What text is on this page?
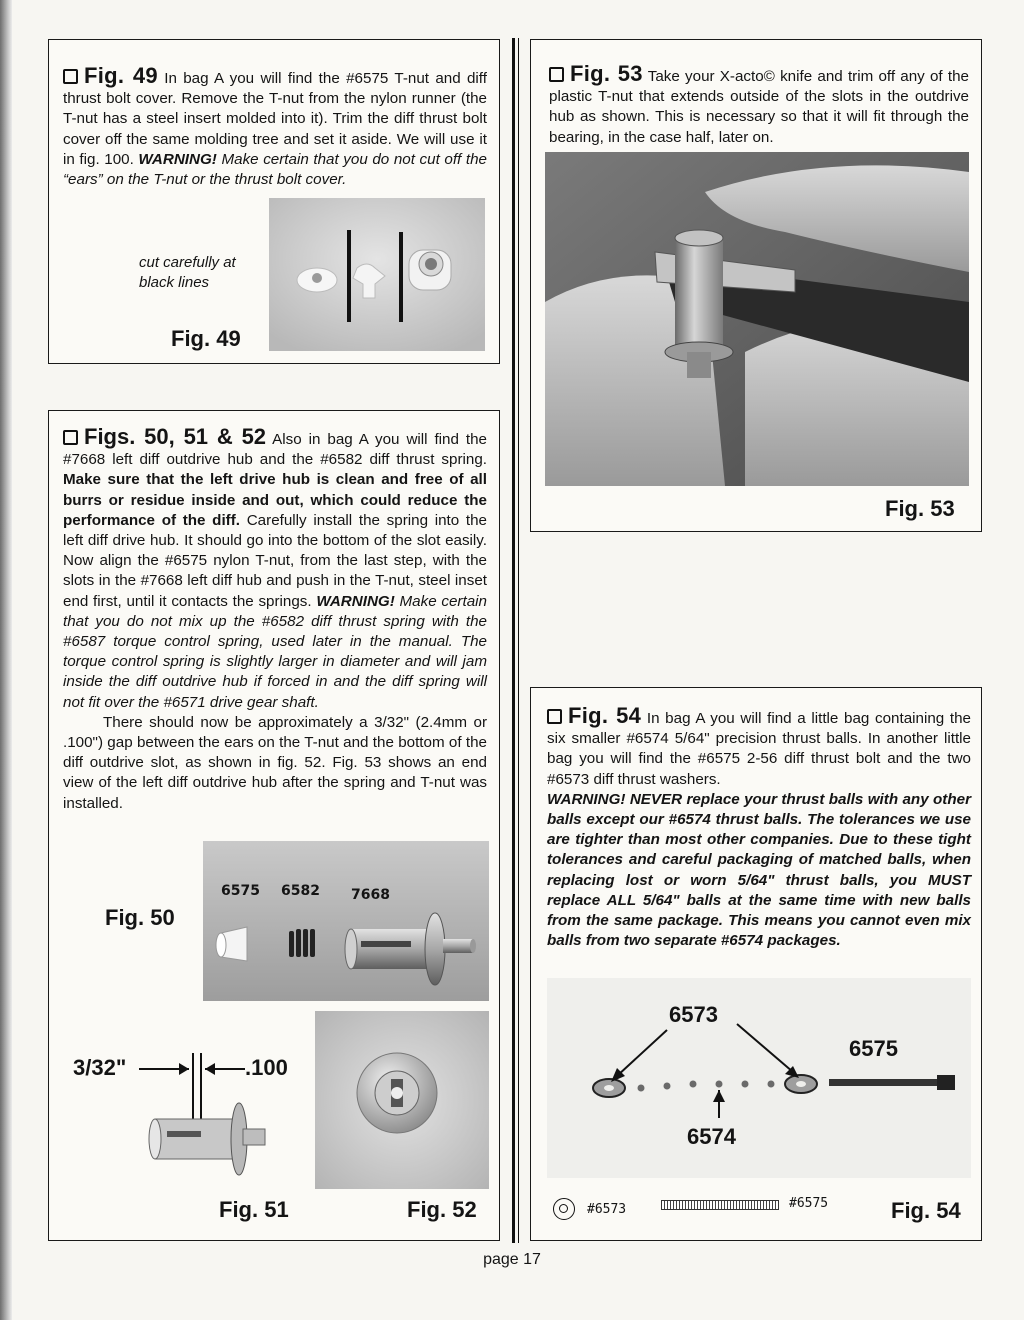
Fig. 49 In bag A you will find the #6575 T-nut and diff thrust bolt cover. Remove the T-nut from the nylon runner (the T-nut has a steel insert molded into it). Trim the diff thrust bolt cover off the same molding tree and set it aside. We will use it in fig. 100. WARNING! Make certain that you do not cut off the “ears” on the T-nut or the thrust bolt cover.
cut carefully at
black lines
Fig. 49

Figs. 50, 51 & 52 Also in bag A you will find the #7668 left diff outdrive hub and the #6582 diff thrust spring. Make sure that the left drive hub is clean and free of all burrs or residue inside and out, which could reduce the performance of the diff. Carefully install the spring into the left diff drive hub. It should go into the bottom of the slot easily. Now align the #6575 nylon T-nut, from the last step, with the slots in the #7668 left diff hub and push in the T-nut, steel inset end first, until it contacts the springs. WARNING! Make certain that you do not mix up the #6582 diff thrust spring with the #6587 torque control spring, used later in the manual. The torque control spring is slightly larger in diameter and will jam inside the diff outdrive hub if forced in and the diff spring will not fit over the #6571 drive gear shaft.

There should now be approximately a 3/32" (2.4mm or .100") gap between the ears on the T-nut and the bottom of the diff outdrive slot, as shown in fig. 52. Fig. 53 shows an end view of the left diff outdrive hub after the spring and T-nut was installed.

6575 6582 7668
Fig. 50
3/32"	.100
Fig. 51	Fig. 52
Fig. 53 Take your X-acto© knife and trim off any of the plastic T-nut that extends outside of the slots in the outdrive hub as shown. This is necessary so that it will fit through the bearing, in the case half, later on.
Fig. 53

Fig. 54 In bag A you will find a little bag containing the six smaller #6574 5/64" precision thrust balls. In another little bag you will find the #6575 2-56 diff thrust bolt and the two #6573 diff thrust washers.

WARNING! NEVER replace your thrust balls with any other balls except our #6574 thrust balls. The tolerances we use are tighter than most other companies. Due to these tight tolerances and careful packaging of matched balls, when replacing lost or worn 5/64" thrust balls, you MUST replace ALL 5/64" balls at the same time with new balls from the same package. This means you cannot even mix balls from two separate #6574 packages.

6573
6575
6574
#6573	#6575	Fig. 54
page 17
